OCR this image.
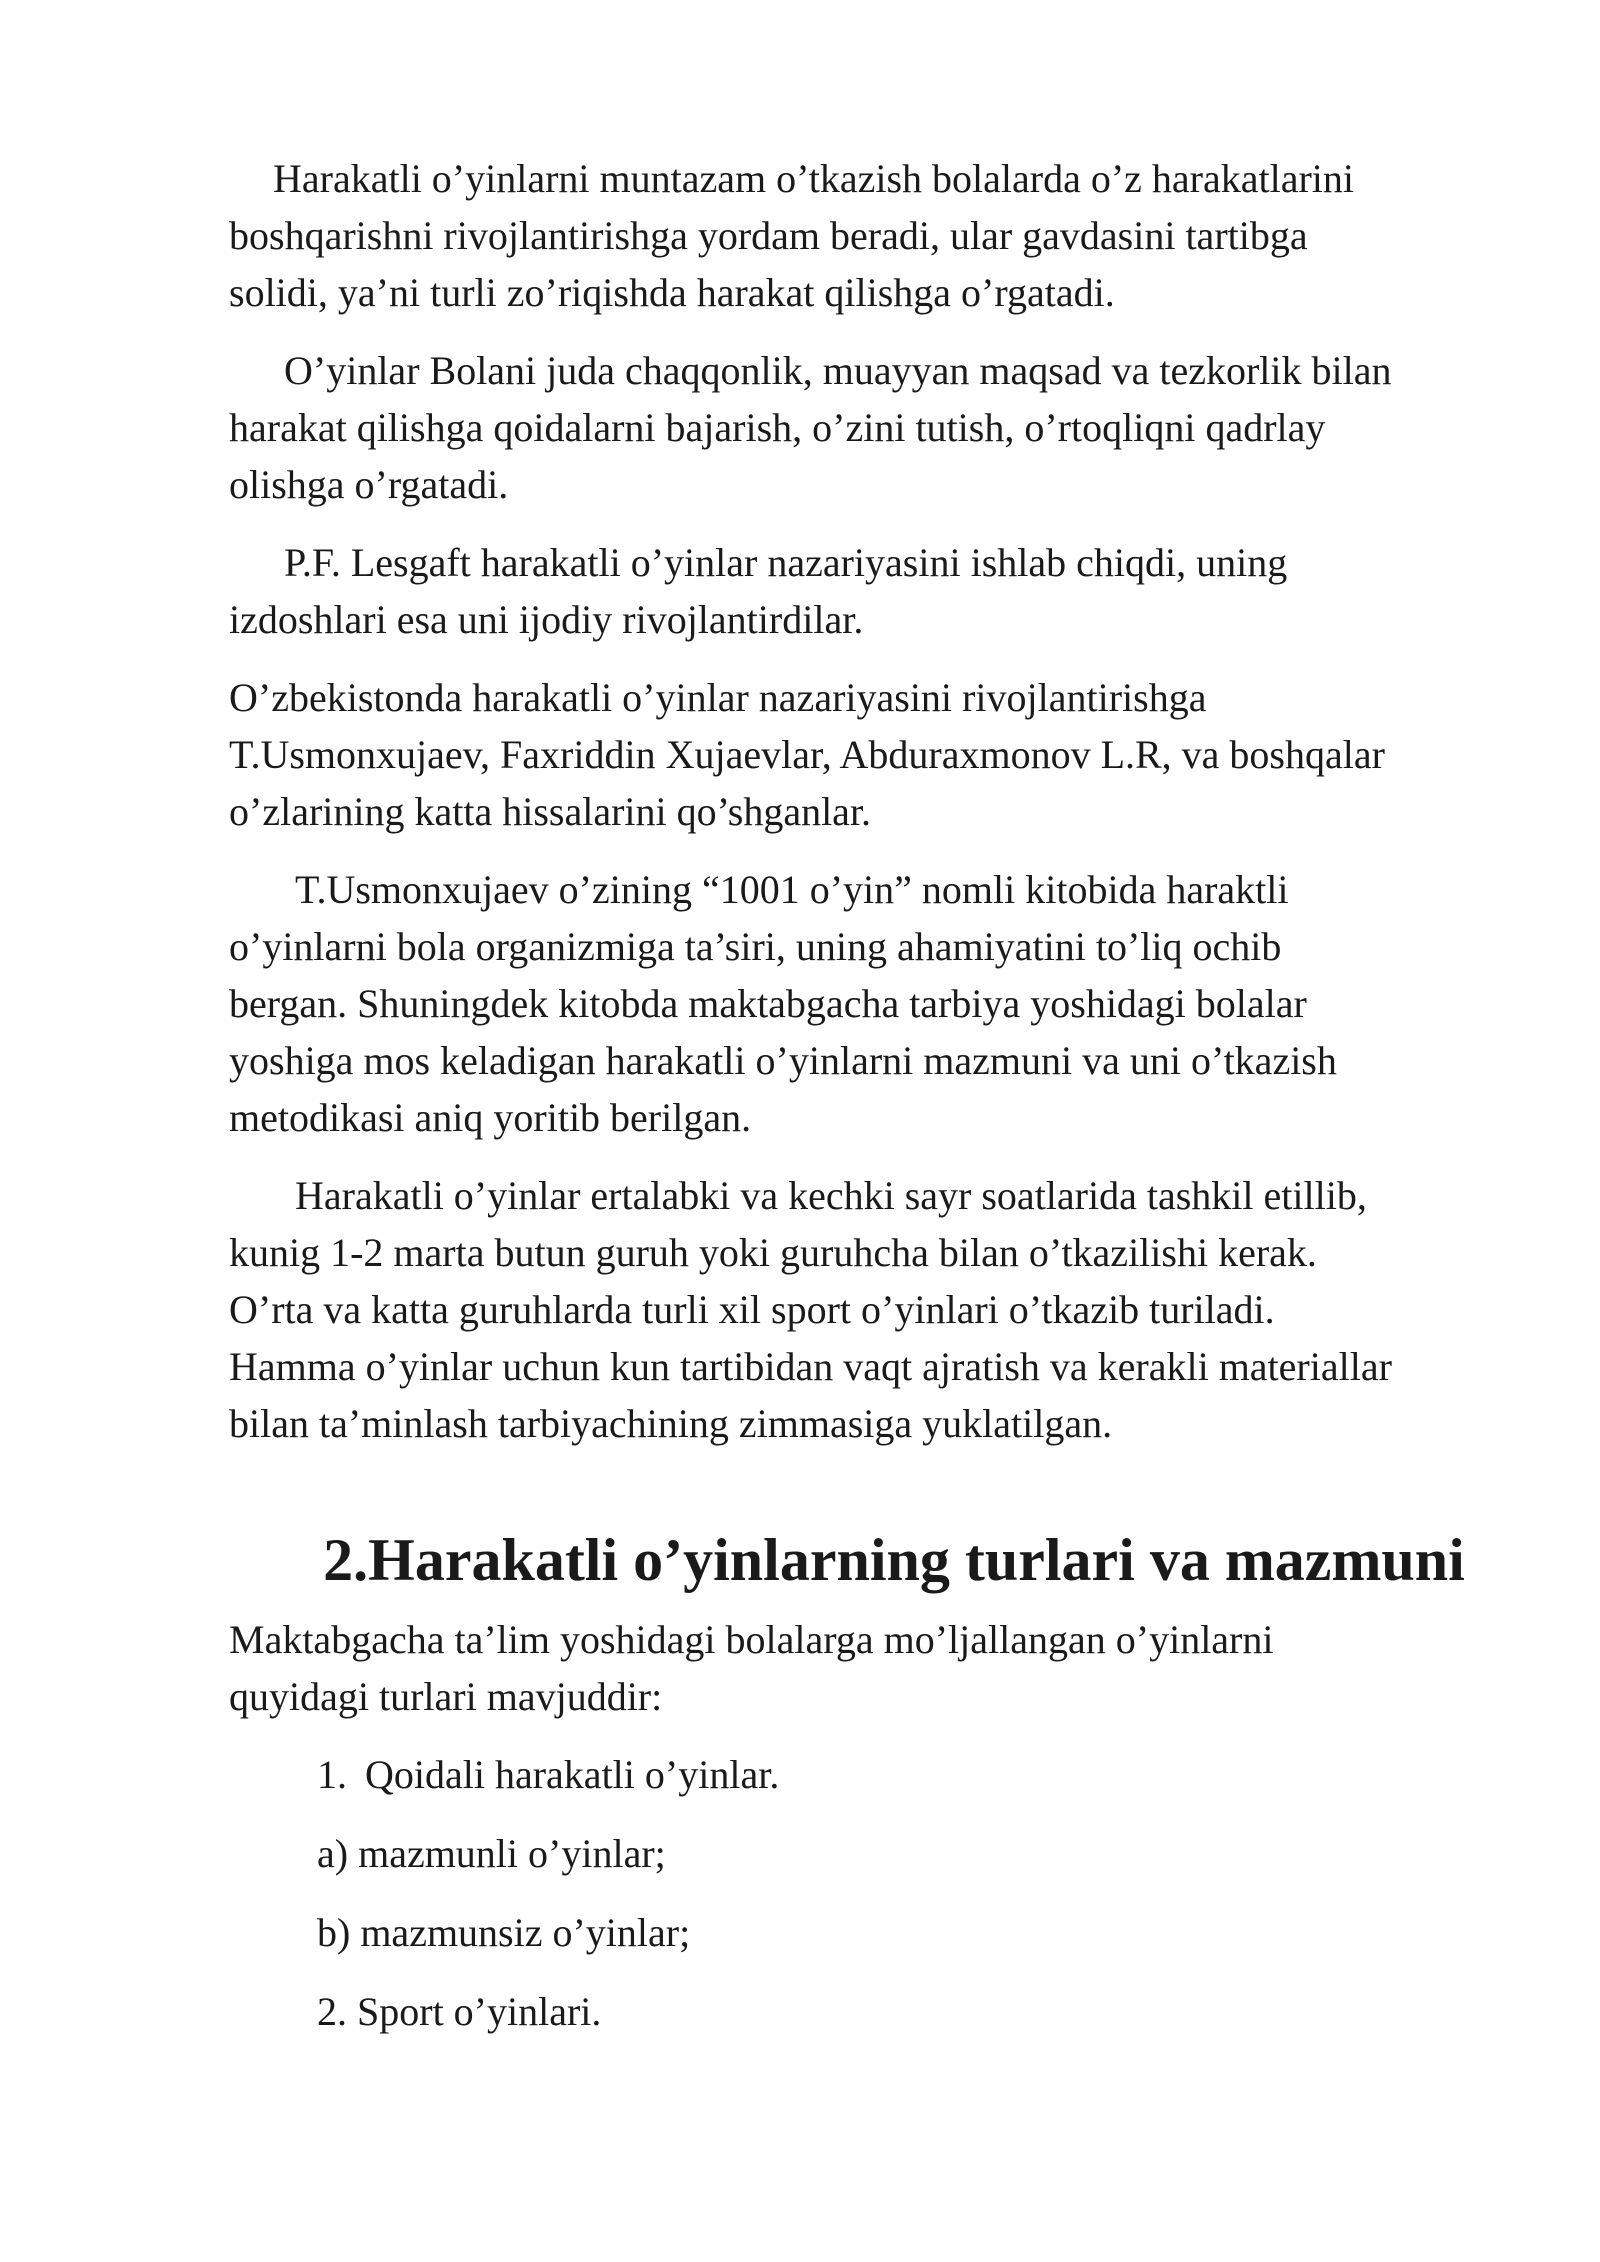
Harakatli o’yinlarni muntazam o’tkazish bolalarda o’z harakatlarini
boshqarishni rivojlantirishga yordam beradi, ular gavdasini tartibga
solidi, ya’ni turli zo’riqishda harakat qilishga o’rgatadi.

O’yinlar Bolani juda chaqqonlik, muayyan maqsad va tezkorlik bilan
harakat qilishga qoidalarni bajarish, o’zini tutish, o’rtoqliqni qadrlay
olishga o’rgatadi.

P.F. Lesgaft harakatli o’yinlar nazariyasini ishlab chiqdi, uning
izdoshlari esa uni ijodiy rivojlantirdilar.

O’zbekistonda harakatli o’yinlar nazariyasini rivojlantirishga
T.Usmonxujaev, Faxriddin Xujaevlar, Abduraxmonov L.R, va boshqalar
o’zlarining katta hissalarini qo’shganlar.

T.Usmonxujaev o’zining “1001 o’yin” nomli kitobida haraktli
o’yinlarni bola organizmiga ta’siri, uning ahamiyatini to’liq ochib
bergan. Shuningdek kitobda maktabgacha tarbiya yoshidagi bolalar
yoshiga mos keladigan harakatli o’yinlarni mazmuni va uni o’tkazish
metodikasi aniq yoritib berilgan.

Harakatli o’yinlar ertalabki va kechki sayr soatlarida tashkil etillib,
kunig 1-2 marta butun guruh yoki guruhcha bilan o’tkazilishi kerak.
O’rta va katta guruhlarda turli xil sport o’yinlari o’tkazib turiladi.
Hamma o’yinlar uchun kun tartibidan vaqt ajratish va kerakli materiallar
bilan ta’minlash tarbiyachining zimmasiga yuklatilgan.

2.Harakatli o’yinlarning turlari va mazmuni

Maktabgacha ta’lim yoshidagi bolalarga mo’ljallangan o’yinlarni
quyidagi turlari mavjuddir:

1. Qoidali harakatli o’yinlar.
a) mazmunli o’yinlar;
b) mazmunsiz o’yinlar;
2. Sport o’yinlari.
